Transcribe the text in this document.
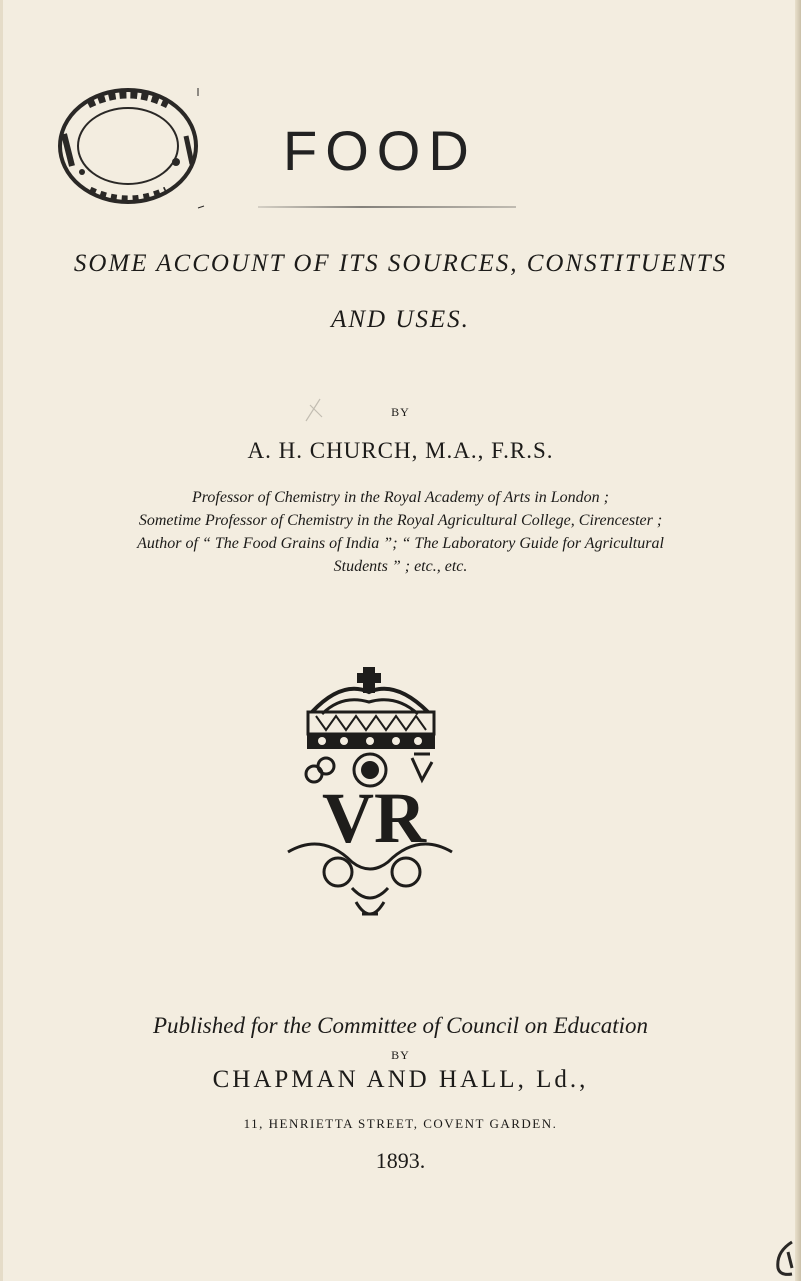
FOOD
SOME ACCOUNT OF ITS SOURCES, CONSTITUENTS
AND USES.
BY
A. H. CHURCH, M.A., F.R.S.
Professor of Chemistry in the Royal Academy of Arts in London ;
Sometime Professor of Chemistry in the Royal Agricultural College, Cirencester ;
Author of “ The Food Grains of India ”; “ The Laboratory Guide for Agricultural
Students ” ; etc., etc.
V R
Published for the Committee of Council on Education
BY
CHAPMAN AND HALL, Ld.,
11, HENRIETTA STREET, COVENT GARDEN.
1893.
